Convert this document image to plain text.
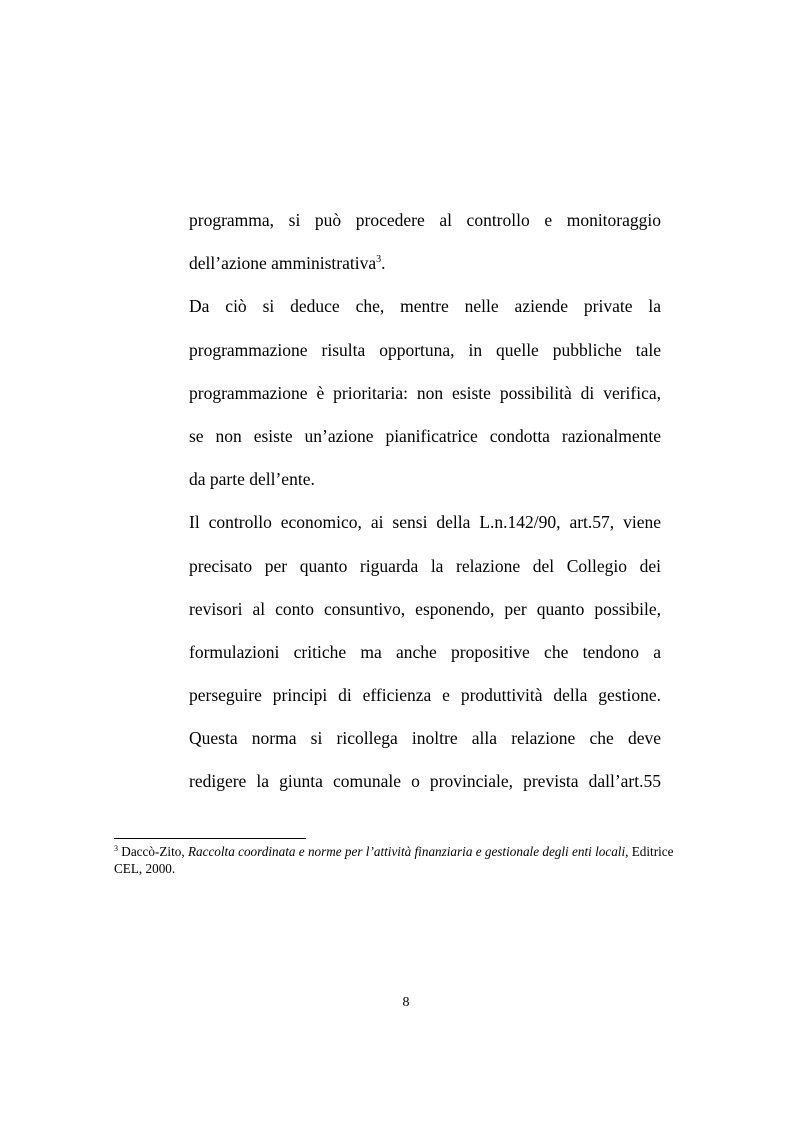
programma, si può procedere al controllo e monitoraggio
dell’azione amministrativa$^3$.
Da ciò si deduce che, mentre nelle aziende private la
programmazione risulta opportuna, in quelle pubbliche tale
programmazione è prioritaria: non esiste possibilità di verifica,
se non esiste un’azione pianificatrice condotta razionalmente
da parte dell’ente.
Il controllo economico, ai sensi della L.n.142/90, art.57, viene
precisato per quanto riguarda la relazione del Collegio dei
revisori al conto consuntivo, esponendo, per quanto possibile,
formulazioni critiche ma anche propositive che tendono a
perseguire principi di efficienza e produttività della gestione.
Questa norma si ricollega inoltre alla relazione che deve
redigere la giunta comunale o provinciale, prevista dall’art.55
$^3$ Daccò-Zito, Raccolta coordinata e norme per l’attività finanziaria e gestionale degli enti locali, Editrice CEL, 2000.
8
